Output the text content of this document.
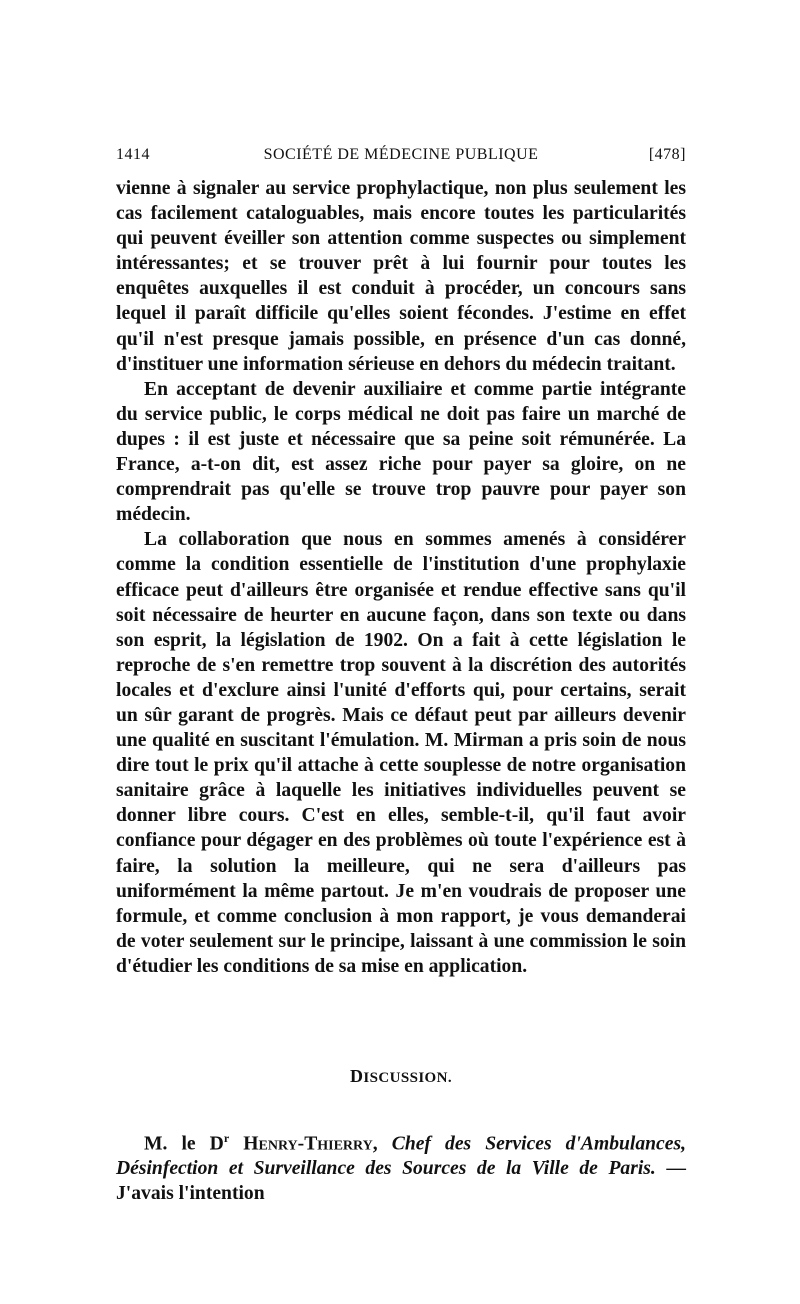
1414	SOCIÉTÉ DE MÉDECINE PUBLIQUE	[478]

vienne à signaler au service prophylactique, non plus seulement les cas facilement cataloguables, mais encore toutes les particularités qui peuvent éveiller son attention comme suspectes ou simplement intéressantes; et se trouver prêt à lui fournir pour toutes les enquêtes auxquelles il est conduit à procéder, un concours sans lequel il paraît difficile qu'elles soient fécondes. J'estime en effet qu'il n'est presque jamais possible, en présence d'un cas donné, d'instituer une information sérieuse en dehors du médecin traitant.

En acceptant de devenir auxiliaire et comme partie intégrante du service public, le corps médical ne doit pas faire un marché de dupes : il est juste et nécessaire que sa peine soit rémunérée. La France, a-t-on dit, est assez riche pour payer sa gloire, on ne comprendrait pas qu'elle se trouve trop pauvre pour payer son médecin.

La collaboration que nous en sommes amenés à considérer comme la condition essentielle de l'institution d'une prophylaxie efficace peut d'ailleurs être organisée et rendue effective sans qu'il soit nécessaire de heurter en aucune façon, dans son texte ou dans son esprit, la législation de 1902. On a fait à cette législation le reproche de s'en remettre trop souvent à la discrétion des autorités locales et d'exclure ainsi l'unité d'efforts qui, pour certains, serait un sûr garant de progrès. Mais ce défaut peut par ailleurs devenir une qualité en suscitant l'émulation. M. Mirman a pris soin de nous dire tout le prix qu'il attache à cette souplesse de notre organisation sanitaire grâce à laquelle les initiatives individuelles peuvent se donner libre cours. C'est en elles, semble-t-il, qu'il faut avoir confiance pour dégager en des problèmes où toute l'expérience est à faire, la solution la meilleure, qui ne sera d'ailleurs pas uniformément la même partout. Je m'en voudrais de proposer une formule, et comme conclusion à mon rapport, je vous demanderai de voter seulement sur le principe, laissant à une commission le soin d'étudier les conditions de sa mise en application.

DISCUSSION.

M. le $D^r$ Henry-Thierry, Chef des Services d'Ambulances, Désinfection et Surveillance des Sources de la Ville de Paris. — J'avais l'intention
